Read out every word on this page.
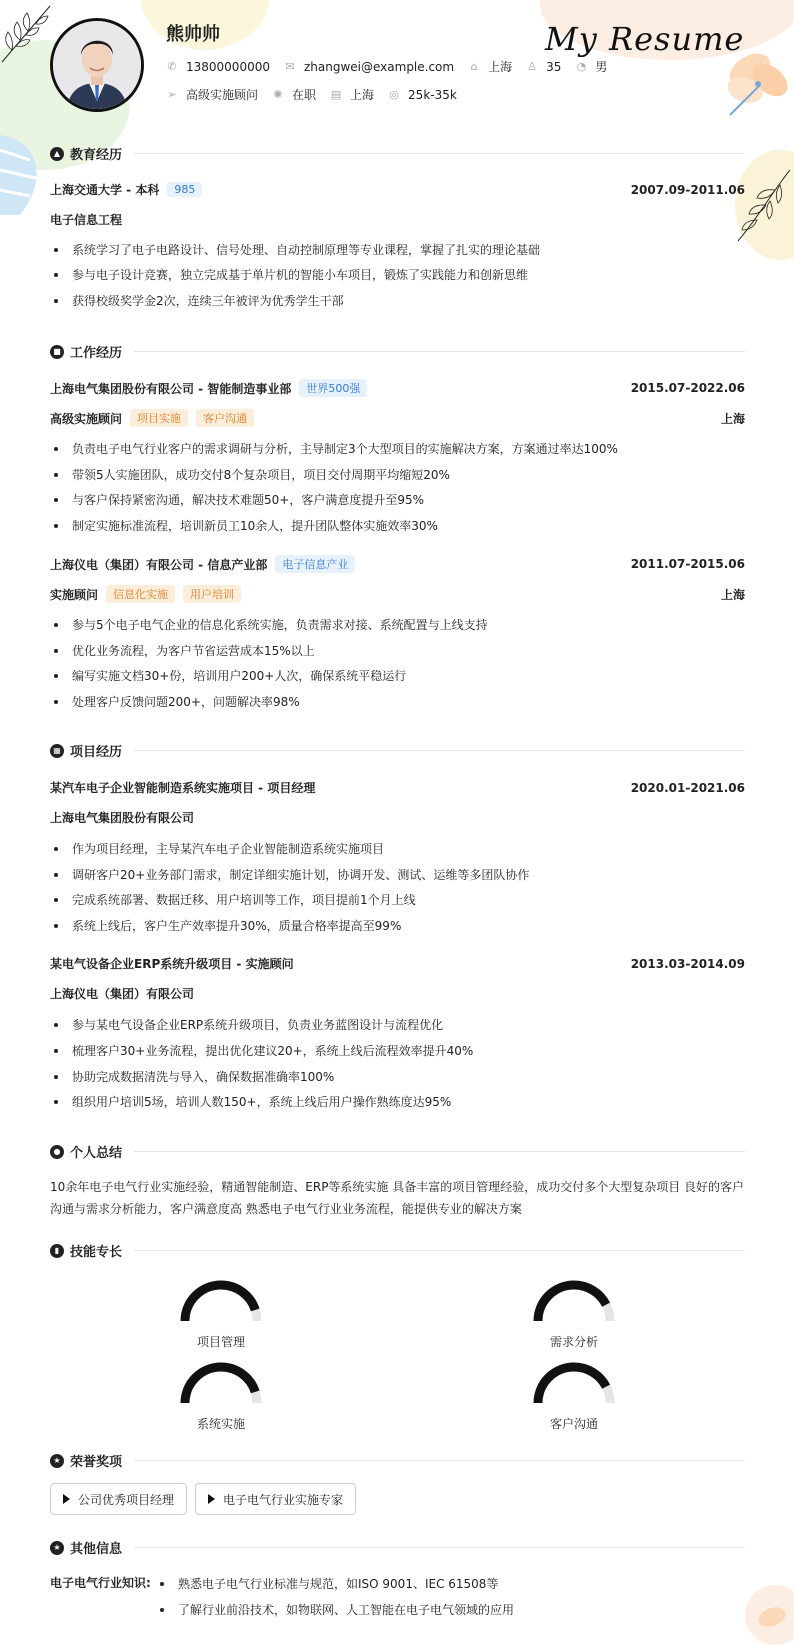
My Resume
熊帅帅
✆ 13800000000 ✉ zhangwei@example.com ⌂ 上海 ♙ 35 ◔ 男
➢ 高级实施顾问 ✺ 在职 ▤ 上海 ◎ 25k-35k
▲ 教育经历
上海交通大学 - 本科	985	2007.09-2011.06
电子信息工程
系统学习了电子电路设计、信号处理、自动控制原理等专业课程，掌握了扎实的理论基础
参与电子设计竞赛，独立完成基于单片机的智能小车项目，锻炼了实践能力和创新思维
获得校级奖学金2次，连续三年被评为优秀学生干部
■ 工作经历
上海电气集团股份有限公司 - 智能制造事业部	世界500强	2015.07-2022.06
高级实施顾问	项目实施	客户沟通	上海
负责电子电气行业客户的需求调研与分析，主导制定3个大型项目的实施解决方案，方案通过率达100%
带领5人实施团队，成功交付8个复杂项目，项目交付周期平均缩短20%
与客户保持紧密沟通，解决技术难题50+，客户满意度提升至95%
制定实施标准流程，培训新员工10余人，提升团队整体实施效率30%
上海仪电（集团）有限公司 - 信息产业部	电子信息产业	2011.07-2015.06
实施顾问	信息化实施	用户培训	上海
参与5个电子电气企业的信息化系统实施，负责需求对接、系统配置与上线支持
优化业务流程，为客户节省运营成本15%以上
编写实施文档30+份，培训用户200+人次，确保系统平稳运行
处理客户反馈问题200+，问题解决率98%
▦ 项目经历
某汽车电子企业智能制造系统实施项目 - 项目经理	2020.01-2021.06
上海电气集团股份有限公司
作为项目经理，主导某汽车电子企业智能制造系统实施项目
调研客户20+业务部门需求，制定详细实施计划，协调开发、测试、运维等多团队协作
完成系统部署、数据迁移、用户培训等工作，项目提前1个月上线
系统上线后，客户生产效率提升30%，质量合格率提高至99%
某电气设备企业ERP系统升级项目 - 实施顾问	2013.03-2014.09
上海仪电（集团）有限公司
参与某电气设备企业ERP系统升级项目，负责业务蓝图设计与流程优化
梳理客户30+业务流程，提出优化建议20+，系统上线后流程效率提升40%
协助完成数据清洗与导入，确保数据准确率100%
组织用户培训5场，培训人数150+，系统上线后用户操作熟练度达95%
● 个人总结
10余年电子电气行业实施经验，精通智能制造、ERP等系统实施 具备丰富的项目管理经验，成功交付多个大型复杂项目 良好的客户沟通与需求分析能力，客户满意度高 熟悉电子电气行业业务流程，能提供专业的解决方案
▮ 技能专长
项目管理	需求分析
系统实施	客户沟通
★ 荣誉奖项
公司优秀项目经理	电子电气行业实施专家
★ 其他信息
电子电气行业知识: 熟悉电子电气行业标准与规范，如ISO 9001、IEC 61508等
了解行业前沿技术，如物联网、人工智能在电子电气领域的应用
